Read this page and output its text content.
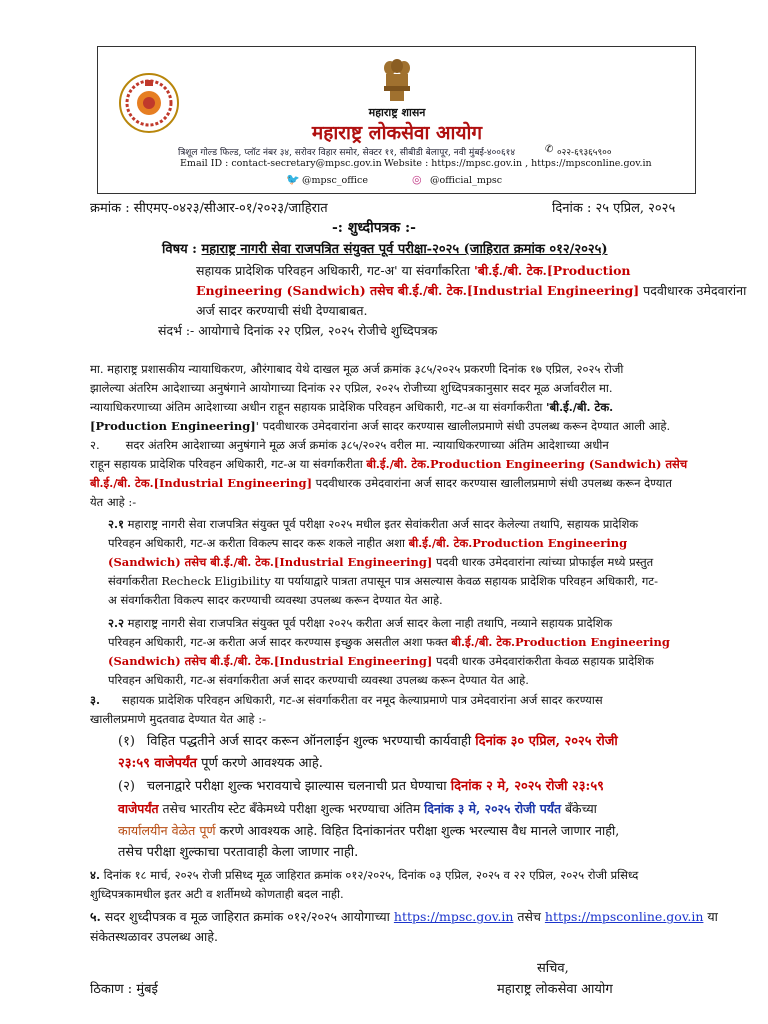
महाराष्ट्र शासन
महाराष्ट्र लोकसेवा आयोग
त्रिशूल गोल्ड फिल्ड, प्लॉट नंबर ३४, सरोवर विहार समोर, सेक्टर ११, सीबीडी बेलापूर, नवी मुंबई-४००६१४	✆ ०२२-६९३६५९००
Email ID : contact-secretary@mpsc.gov.in Website : https://mpsc.gov.in , https://mpsconline.gov.in
🐦 @mpsc_office	◎ @official_mpsc
क्रमांक : सीएमए-०४२३/सीआर-०१/२०२३/जाहिरात	दिनांक : २५ एप्रिल, २०२५
-: शुध्दीपत्रक :-
विषय : महाराष्ट्र नागरी सेवा राजपत्रित संयुक्त पूर्व परीक्षा-२०२५ (जाहिरात क्रमांक ०१२/२०२५)
सहायक प्रादेशिक परिवहन अधिकारी, गट-अ' या संवर्गांकरिता 'बी.ई./बी. टेक.[Production
Engineering (Sandwich) तसेच बी.ई./बी. टेक.[Industrial Engineering] पदवीधारक उमेदवारांना
अर्ज सादर करण्याची संधी देण्याबाबत.
संदर्भ :- आयोगाचे दिनांक २२ एप्रिल, २०२५ रोजीचे शुध्दिपत्रक
मा. महाराष्ट्र प्रशासकीय न्यायाधिकरण, औरंगाबाद येथे दाखल मूळ अर्ज क्रमांक ३८५/२०२५ प्रकरणी दिनांक १७ एप्रिल, २०२५ रोजी
झालेल्या अंतरिम आदेशाच्या अनुषंगाने आयोगाच्या दिनांक २२ एप्रिल, २०२५ रोजीच्या शुध्दिपत्रकानुसार सदर मूळ अर्जावरील मा.
न्यायाधिकरणाच्या अंतिम आदेशाच्या अधीन राहून सहायक प्रादेशिक परिवहन अधिकारी, गट-अ या संवर्गाकरीता 'बी.ई./बी. टेक.
[Production Engineering]' पदवीधारक उमेदवारांना अर्ज सादर करण्यास खालीलप्रमाणे संधी उपलब्ध करून देण्यात आली आहे.
२. सदर अंतरिम आदेशाच्या अनुषंगाने मूळ अर्ज क्रमांक ३८५/२०२५ वरील मा. न्यायाधिकरणाच्या अंतिम आदेशाच्या अधीन
राहून सहायक प्रादेशिक परिवहन अधिकारी, गट-अ या संवर्गाकरीता बी.ई./बी. टेक.Production Engineering (Sandwich) तसेच
बी.ई./बी. टेक.[Industrial Engineering] पदवीधारक उमेदवारांना अर्ज सादर करण्यास खालीलप्रमाणे संधी उपलब्ध करून देण्यात
येत आहे :-
२.१ महाराष्ट्र नागरी सेवा राजपत्रित संयुक्त पूर्व परीक्षा २०२५ मधील इतर सेवांकरीता अर्ज सादर केलेल्या तथापि, सहायक प्रादेशिक
परिवहन अधिकारी, गट-अ करीता विकल्प सादर करू शकले नाहीत अशा बी.ई./बी. टेक.Production Engineering
(Sandwich) तसेच बी.ई./बी. टेक.[Industrial Engineering] पदवी धारक उमेदवारांना त्यांच्या प्रोफाईल मध्ये प्रस्तुत
संवर्गाकरीता Recheck Eligibility या पर्यायाद्वारे पात्रता तपासून पात्र असल्यास केवळ सहायक प्रादेशिक परिवहन अधिकारी, गट-
अ संवर्गाकरीता विकल्प सादर करण्याची व्यवस्था उपलब्ध करून देण्यात येत आहे.
२.२ महाराष्ट्र नागरी सेवा राजपत्रित संयुक्त पूर्व परीक्षा २०२५ करीता अर्ज सादर केला नाही तथापि, नव्याने सहायक प्रादेशिक
परिवहन अधिकारी, गट-अ करीता अर्ज सादर करण्यास इच्छुक असतील अशा फक्त बी.ई./बी. टेक.Production Engineering
(Sandwich) तसेच बी.ई./बी. टेक.[Industrial Engineering] पदवी धारक उमेदवारांकरीता केवळ सहायक प्रादेशिक
परिवहन अधिकारी, गट-अ संवर्गाकरीता अर्ज सादर करण्याची व्यवस्था उपलब्ध करून देण्यात येत आहे.
३. सहायक प्रादेशिक परिवहन अधिकारी, गट-अ संवर्गाकरीता वर नमूद केल्याप्रमाणे पात्र उमेदवारांना अर्ज सादर करण्यास
खालीलप्रमाणे मुदतवाढ देण्यात येत आहे :-
(१) विहित पद्धतीने अर्ज सादर करून ऑनलाईन शुल्क भरण्याची कार्यवाही दिनांक ३० एप्रिल, २०२५ रोजी
२३:५९ वाजेपर्यंत पूर्ण करणे आवश्यक आहे.
(२) चलनाद्वारे परीक्षा शुल्क भरावयाचे झाल्यास चलनाची प्रत घेण्याचा दिनांक २ मे, २०२५ रोजी २३:५९
वाजेपर्यंत तसेच भारतीय स्टेट बँकेमध्ये परीक्षा शुल्क भरण्याचा अंतिम दिनांक ३ मे, २०२५ रोजी पर्यंत बँकेच्या
कार्यालयीन वेळेत पूर्ण करणे आवश्यक आहे. विहित दिनांकानंतर परीक्षा शुल्क भरल्यास वैध मानले जाणार नाही,
तसेच परीक्षा शुल्काचा परतावाही केला जाणार नाही.
४. दिनांक १८ मार्च, २०२५ रोजी प्रसिध्द मूळ जाहिरात क्रमांक ०१२/२०२५, दिनांक ०३ एप्रिल, २०२५ व २२ एप्रिल, २०२५ रोजी प्रसिध्द
शुध्दिपत्रकामधील इतर अटी व शर्तीमध्ये कोणताही बदल नाही.
५. सदर शुध्दीपत्रक व मूळ जाहिरात क्रमांक ०१२/२०२५ आयोगाच्या https://mpsc.gov.in तसेच https://mpsconline.gov.in या
संकेतस्थळावर उपलब्ध आहे.
सचिव,
महाराष्ट्र लोकसेवा आयोग
ठिकाण : मुंबई
